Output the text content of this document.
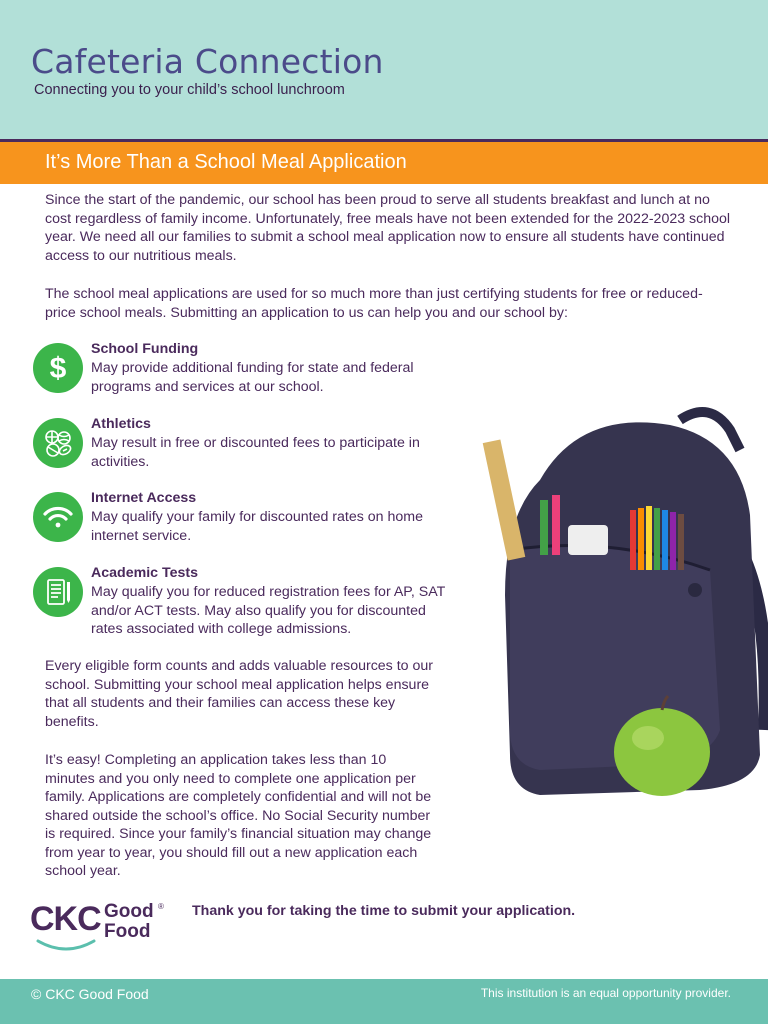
Cafeteria Connection
Connecting you to your child’s school lunchroom
It’s More Than a School Meal Application
Since the start of the pandemic, our school has been proud to serve all students breakfast and lunch at no cost regardless of family income. Unfortunately, free meals have not been extended for the 2022-2023 school year. We need all our families to submit a school meal application now to ensure all students have continued access to our nutritious meals.
The school meal applications are used for so much more than just certifying students for free or reduced-price school meals. Submitting an application to us can help you and our school by:
$
School Funding
May provide additional funding for state and federal programs and services at our school.
Athletics
May result in free or discounted fees to participate in activities.
Internet Access
May qualify your family for discounted rates on home internet service.
Academic Tests
May qualify you for reduced registration fees for AP, SAT and/or ACT tests. May also qualify you for discounted rates associated with college admissions.
Every eligible form counts and adds valuable resources to our school. Submitting your school meal application helps ensure that all students and their families can access these key benefits.
It’s easy! Completing an application takes less than 10 minutes and you only need to complete one application per family. Applications are completely confidential and will not be shared outside the school’s office. No Social Security number is required. Since your family’s financial situation may change from year to year, you should fill out a new application each school year.
CKC Good
Food
® Thank you for taking the time to submit your application.
© CKC Good Food	This institution is an equal opportunity provider.
